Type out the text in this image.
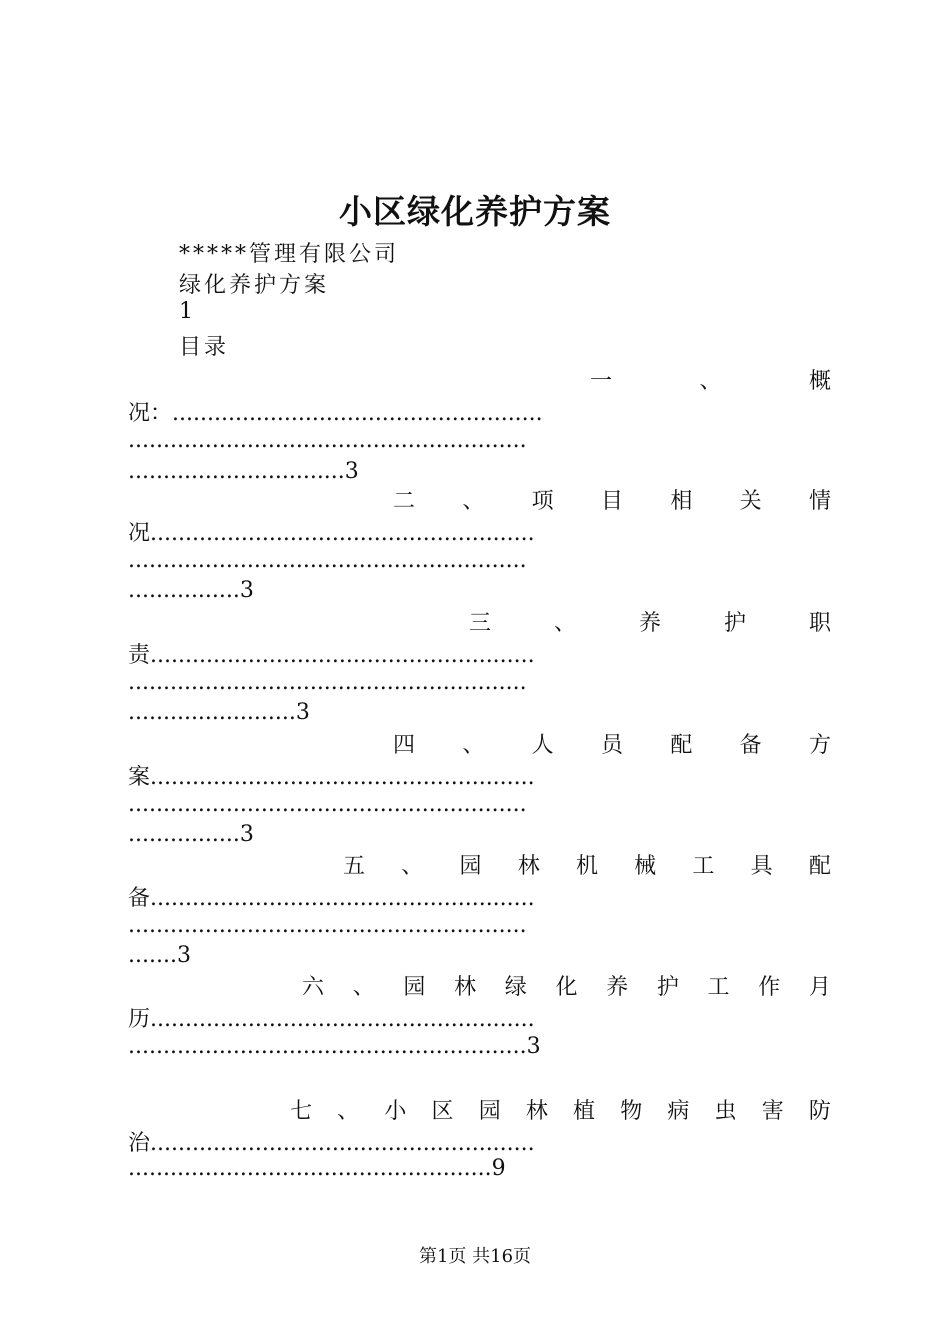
小区绿化养护方案
*****管理有限公司
绿化养护方案
1
目录
一	、	概
况：.....................................................
.........................................................
...............................3
二 、 项 目 相 关 情
况.......................................................
.........................................................
................3
三	、	养	护	职
责.......................................................
.........................................................
........................3
四 、 人 员 配 备 方
案.......................................................
.........................................................
................3
五 、 园 林 机 械 工 具 配
备.......................................................
.........................................................
.......3
六 、 园 林 绿 化 养 护 工 作 月
历.......................................................
.........................................................3
七 、 小 区 园 林 植 物 病 虫 害 防
治.......................................................
....................................................9
第1页 共16页
